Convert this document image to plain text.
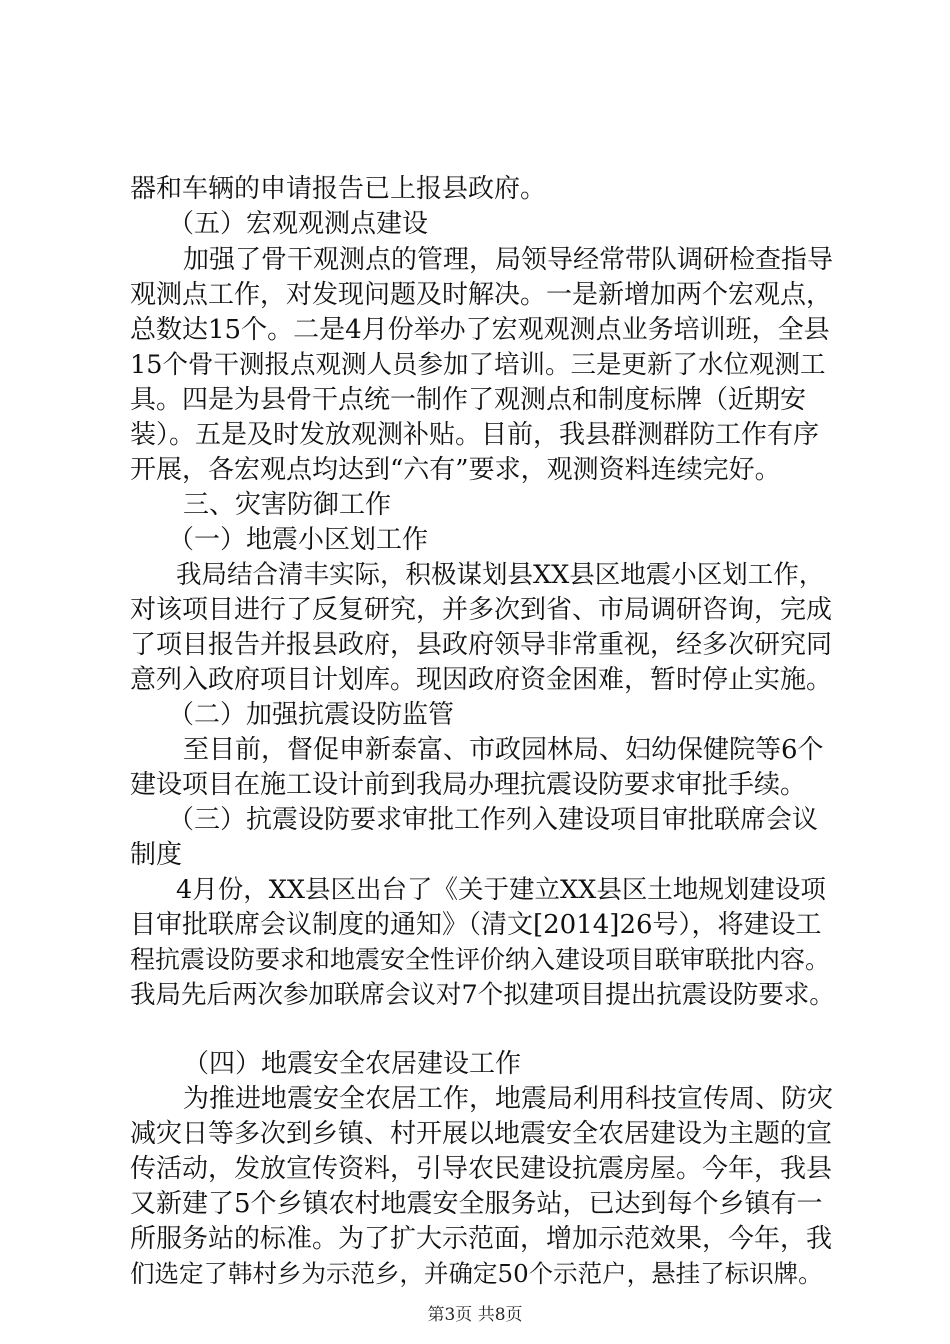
器和车辆的申请报告已上报县政府。
（五）宏观观测点建设
加强了骨干观测点的管理，局领导经常带队调研检查指导
观测点工作，对发现问题及时解决。一是新增加两个宏观点，
总数达15个。二是4月份举办了宏观观测点业务培训班，全县
15个骨干测报点观测人员参加了培训。三是更新了水位观测工
具。四是为县骨干点统一制作了观测点和制度标牌（近期安
装）。五是及时发放观测补贴。目前，我县群测群防工作有序
开展，各宏观点均达到“六有”要求，观测资料连续完好。
三、灾害防御工作
（一）地震小区划工作
我局结合清丰实际，积极谋划县XX县区地震小区划工作，
对该项目进行了反复研究，并多次到省、市局调研咨询，完成
了项目报告并报县政府，县政府领导非常重视，经多次研究同
意列入政府项目计划库。现因政府资金困难，暂时停止实施。
（二）加强抗震设防监管
至目前，督促申新泰富、市政园林局、妇幼保健院等6个
建设项目在施工设计前到我局办理抗震设防要求审批手续。
（三）抗震设防要求审批工作列入建设项目审批联席会议
制度
4月份，XX县区出台了《关于建立XX县区土地规划建设项
目审批联席会议制度的通知》（清文[2014]26号），将建设工
程抗震设防要求和地震安全性评价纳入建设项目联审联批内容。
我局先后两次参加联席会议对7个拟建项目提出抗震设防要求。
（四）地震安全农居建设工作
为推进地震安全农居工作，地震局利用科技宣传周、防灾
减灾日等多次到乡镇、村开展以地震安全农居建设为主题的宣
传活动，发放宣传资料，引导农民建设抗震房屋。今年，我县
又新建了5个乡镇农村地震安全服务站，已达到每个乡镇有一
所服务站的标准。为了扩大示范面，增加示范效果，今年，我
们选定了韩村乡为示范乡，并确定50个示范户，悬挂了标识牌。
第3页 共8页
